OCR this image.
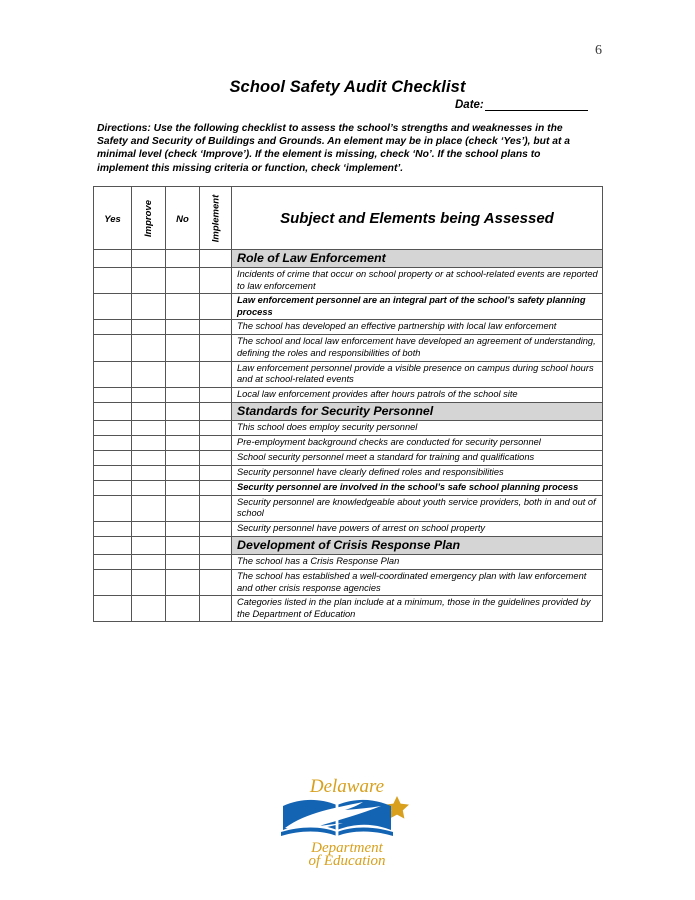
6
School Safety Audit Checklist
Date:
Directions: Use the following checklist to assess the school’s strengths and weaknesses in the Safety and Security of Buildings and Grounds. An element may be in place (check ‘Yes’), but at a minimal level (check ‘Improve’). If the element is missing, check ‘No’. If the school plans to implement this missing criteria or function, check ‘implement’.
Yes	Improve	No	Implement	Subject and Elements being Assessed

				Role of Law Enforcement
				Incidents of crime that occur on school property or at school-related events are reported to law enforcement
				Law enforcement personnel are an integral part of the school’s safety planning process
				The school has developed an effective partnership with local law enforcement
				The school and local law enforcement have developed an agreement of understanding, defining the roles and responsibilities of both
				Law enforcement personnel provide a visible presence on campus during school hours and at school-related events
				Local law enforcement provides after hours patrols of the school site
				Standards for Security Personnel
				This school does employ security personnel
				Pre-employment background checks are conducted for security personnel
				School security personnel meet a standard for training and qualifications
				Security personnel have clearly defined roles and responsibilities
				Security personnel are involved in the school’s safe school planning process
				Security personnel are knowledgeable about youth service providers, both in and out of school
				Security personnel have powers of arrest on school property
				Development of Crisis Response Plan
				The school has a Crisis Response Plan
				The school has established a well-coordinated emergency plan with law enforcement and other crisis response agencies
				Categories listed in the plan include at a minimum, those in the guidelines provided by the Department of Education
Delaware
Department
of Education
